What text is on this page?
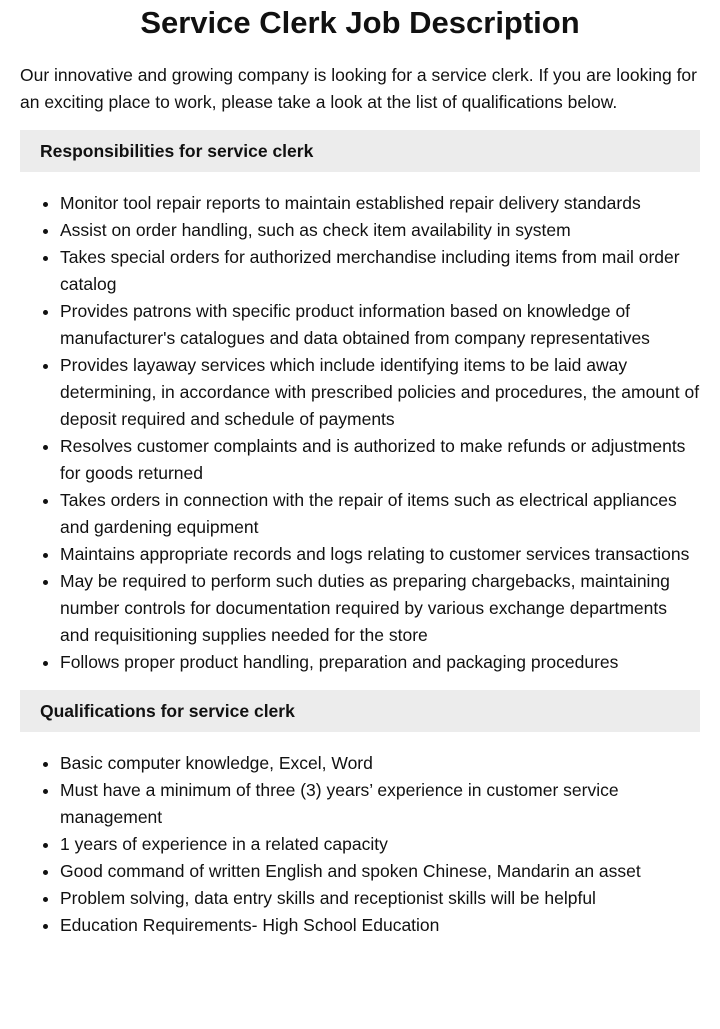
Service Clerk Job Description

Our innovative and growing company is looking for a service clerk. If you are looking for an exciting place to work, please take a look at the list of qualifications below.

Responsibilities for service clerk
• Monitor tool repair reports to maintain established repair delivery standards
• Assist on order handling, such as check item availability in system
• Takes special orders for authorized merchandise including items from mail order catalog
• Provides patrons with specific product information based on knowledge of manufacturer's catalogues and data obtained from company representatives
• Provides layaway services which include identifying items to be laid away determining, in accordance with prescribed policies and procedures, the amount of deposit required and schedule of payments
• Resolves customer complaints and is authorized to make refunds or adjustments for goods returned
• Takes orders in connection with the repair of items such as electrical appliances and gardening equipment
• Maintains appropriate records and logs relating to customer services transactions
• May be required to perform such duties as preparing chargebacks, maintaining number controls for documentation required by various exchange departments and requisitioning supplies needed for the store
• Follows proper product handling, preparation and packaging procedures
Qualifications for service clerk
• Basic computer knowledge, Excel, Word
• Must have a minimum of three (3) years’ experience in customer service management
• 1 years of experience in a related capacity
• Good command of written English and spoken Chinese, Mandarin an asset
• Problem solving, data entry skills and receptionist skills will be helpful
• Education Requirements- High School Education
